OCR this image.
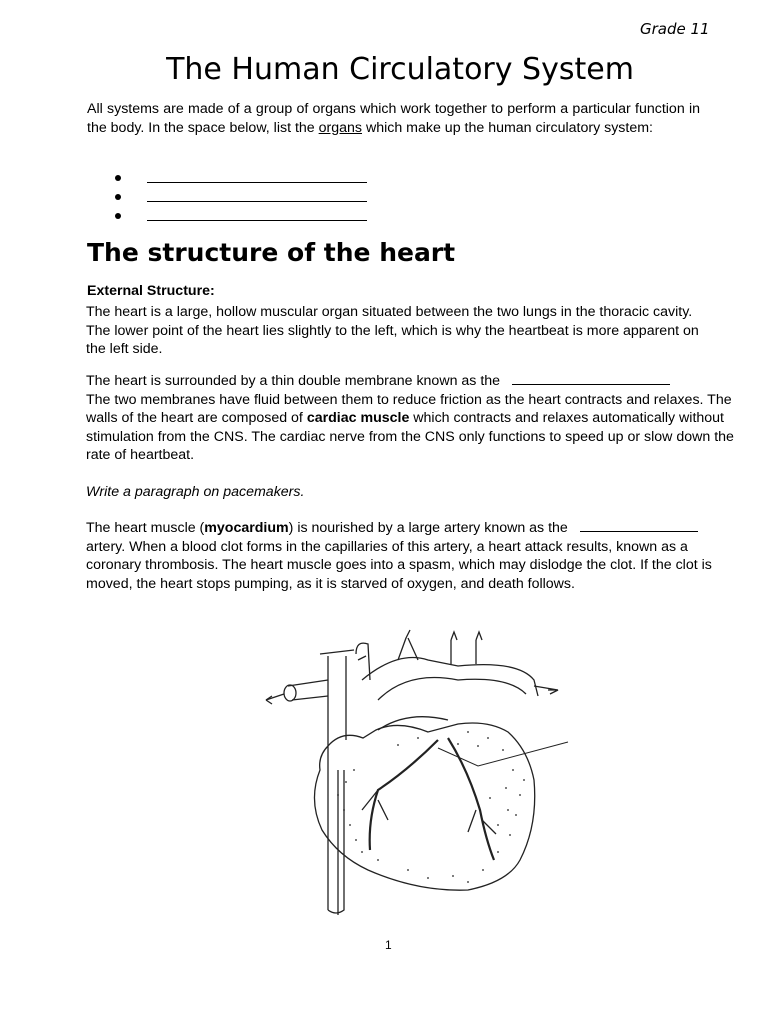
Grade 11
The Human Circulatory System

All systems are made of a group of organs which work together to perform a particular function in the body. In the space below, list the organs which make up the human circulatory system:

The structure of the heart

External Structure:

The heart is a large, hollow muscular organ situated between the two lungs in the thoracic cavity. The lower point of the heart lies slightly to the left, which is why the heartbeat is more apparent on the left side.

The heart is surrounded by a thin double membrane known as the
The two membranes have fluid between them to reduce friction as the heart contracts and relaxes. The walls of the heart are composed of cardiac muscle which contracts and relaxes automatically without stimulation from the CNS. The cardiac nerve from the CNS only functions to speed up or slow down the rate of heartbeat.

Write a paragraph on pacemakers.

The heart muscle (myocardium) is nourished by a large artery known as the
artery. When a blood clot forms in the capillaries of this artery, a heart attack results, known as a coronary thrombosis. The heart muscle goes into a spasm, which may dislodge the clot. If the clot is moved, the heart stops pumping, as it is starved of oxygen, and death follows.

1
